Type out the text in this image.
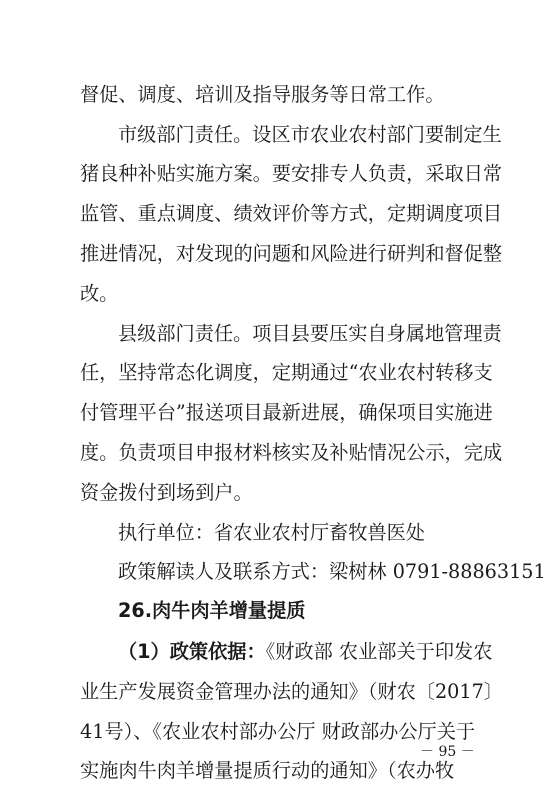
督促、调度、培训及指导服务等日常工作。
市级部门责任。设区市农业农村部门要制定生
猪良种补贴实施方案。要安排专人负责，采取日常
监管、重点调度、绩效评价等方式，定期调度项目
推进情况，对发现的问题和风险进行研判和督促整
改。
县级部门责任。项目县要压实自身属地管理责
任，坚持常态化调度，定期通过“农业农村转移支
付管理平台”报送项目最新进展，确保项目实施进
度。负责项目申报材料核实及补贴情况公示，完成
资金拨付到场到户。
执行单位：省农业农村厅畜牧兽医处
政策解读人及联系方式：梁树林 0791-88863151
26.肉牛肉羊增量提质
（1）政策依据：《财政部 农业部关于印发农
业生产发展资金管理办法的通知》（财农〔2017〕
41号）、《农业农村部办公厅 财政部办公厅关于
实施肉牛肉羊增量提质行动的通知》（农办牧
－ 95 －
